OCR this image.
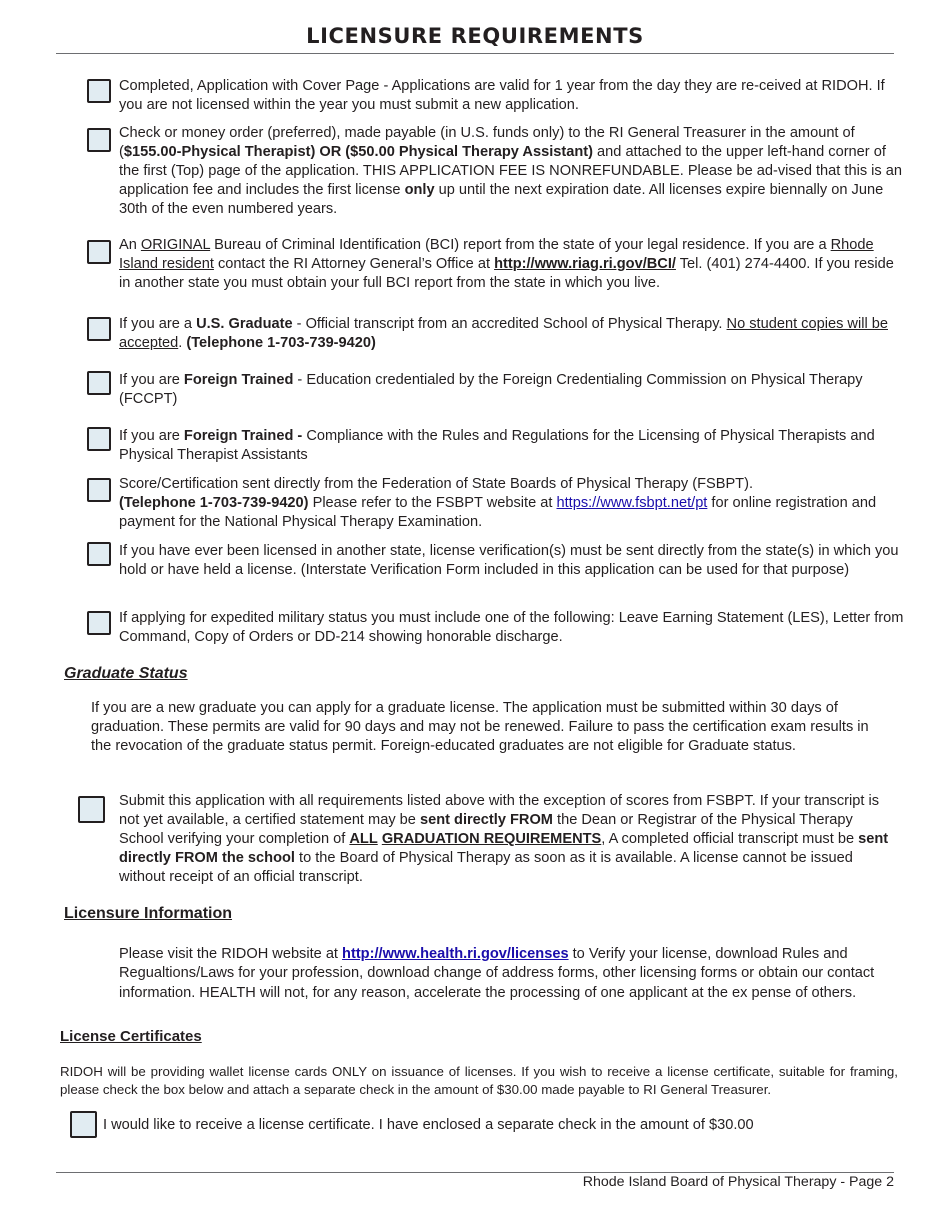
LICENSURE REQUIREMENTS

Completed, Application with Cover Page - Applications are valid for 1 year from the day they are re-ceived at RIDOH. If you are not licensed within the year you must submit a new application.

Check or money order (preferred), made payable (in U.S. funds only) to the RI General Treasurer in the amount of ($155.00-Physical Therapist) OR ($50.00 Physical Therapy Assistant) and attached to the upper left-hand corner of the first (Top) page of the application. THIS APPLICATION FEE IS NONREFUNDABLE. Please be ad-vised that this is an application fee and includes the first license only up until the next expiration date. All licenses expire biennally on June 30th of the even numbered years.

An ORIGINAL Bureau of Criminal Identification (BCI) report from the state of your legal residence. If you are a Rhode Island resident contact the RI Attorney General’s Office at http://www.riag.ri.gov/BCI/ Tel. (401) 274-4400. If you reside in another state you must obtain your full BCI report from the state in which you live.

If you are a U.S. Graduate - Official transcript from an accredited School of Physical Therapy. No student copies will be accepted. (Telephone 1-703-739-9420)

If you are Foreign Trained - Education credentialed by the Foreign Credentialing Commission on Physical Therapy (FCCPT)

If you are Foreign Trained - Compliance with the Rules and Regulations for the Licensing of Physical Therapists and Physical Therapist Assistants

Score/Certification sent directly from the Federation of State Boards of Physical Therapy (FSBPT).
(Telephone 1-703-739-9420) Please refer to the FSBPT website at https://www.fsbpt.net/pt for online registration and payment for the National Physical Therapy Examination.

If you have ever been licensed in another state, license verification(s) must be sent directly from the state(s) in which you hold or have held a license. (Interstate Verification Form included in this application can be used for that purpose)

If applying for expedited military status you must include one of the following: Leave Earning Statement (LES), Letter from Command, Copy of Orders or DD-214 showing honorable discharge.

Graduate Status

If you are a new graduate you can apply for a graduate license. The application must be submitted within 30 days of graduation. These permits are valid for 90 days and may not be renewed. Failure to pass the certification exam results in the revocation of the graduate status permit. Foreign-educated graduates are not eligible for Graduate status.

Submit this application with all requirements listed above with the exception of scores from FSBPT. If your transcript is not yet available, a certified statement may be sent directly FROM the Dean or Registrar of the Physical Therapy School verifying your completion of ALL GRADUATION REQUIREMENTS, A completed official transcript must be sent directly FROM the school to the Board of Physical Therapy as soon as it is available. A license cannot be issued without receipt of an official transcript.

Licensure Information

Please visit the RIDOH website at http://www.health.ri.gov/licenses to Verify your license, download Rules and Regualtions/Laws for your profession, download change of address forms, other licensing forms or obtain our contact information. HEALTH will not, for any reason, accelerate the processing of one applicant at the ex pense of others.

License Certificates

RIDOH will be providing wallet license cards ONLY on issuance of licenses. If you wish to receive a license certificate, suitable for framing, please check the box below and attach a separate check in the amount of $30.00 made payable to RI General Treasurer.

I would like to receive a license certificate. I have enclosed a separate check in the amount of $30.00

Rhode Island Board of Physical Therapy - Page 2
